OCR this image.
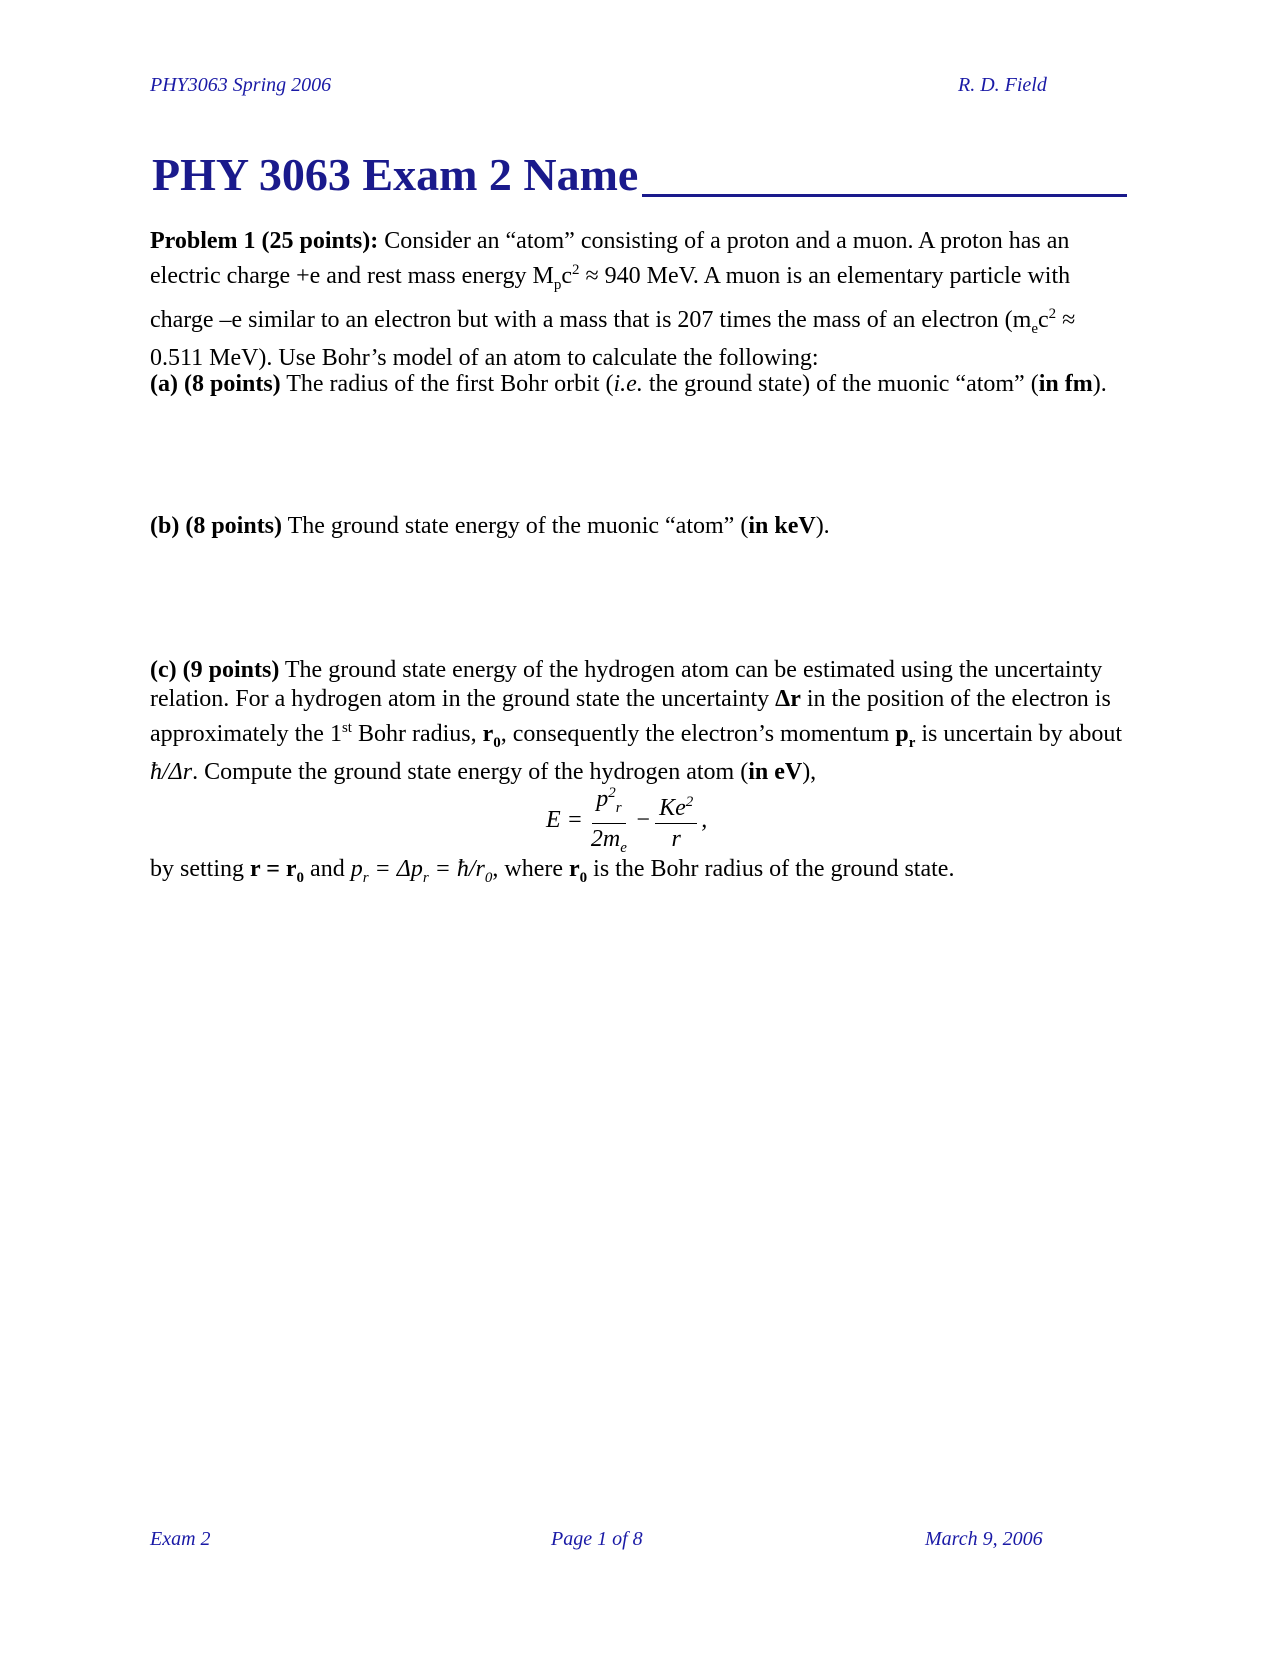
PHY3063 Spring 2006	R. D. Field
PHY 3063 Exam 2 Name
Problem 1 (25 points): Consider an “atom” consisting of a proton and a muon. A proton has an electric charge +e and rest mass energy $M_pc^2 \approx 940$ MeV. A muon is an elementary particle with charge –e similar to an electron but with a mass that is 207 times the mass of an electron ($m_ec^2 \approx 0.511$ MeV). Use Bohr’s model of an atom to calculate the following:
(a) (8 points) The radius of the first Bohr orbit (i.e. the ground state) of the muonic “atom” (in fm).
(b) (8 points) The ground state energy of the muonic “atom” (in keV).
(c) (9 points) The ground state energy of the hydrogen atom can be estimated using the uncertainty relation. For a hydrogen atom in the ground state the uncertainty Δr in the position of the electron is approximately the 1st Bohr radius, $r_0$, consequently the electron’s momentum $p_r$ is uncertain by about ħ/Δr. Compute the ground state energy of the hydrogen atom (in eV),
$E = \frac{p^2_r}{2m_e} - \frac{Ke^2}{r}$ ,
by setting $r = r_0$ and $p_r = \Delta p_r$ = $ħ/r_0$, where $r_0$ is the Bohr radius of the ground state.
Exam 2	Page 1 of 8	March 9, 2006
